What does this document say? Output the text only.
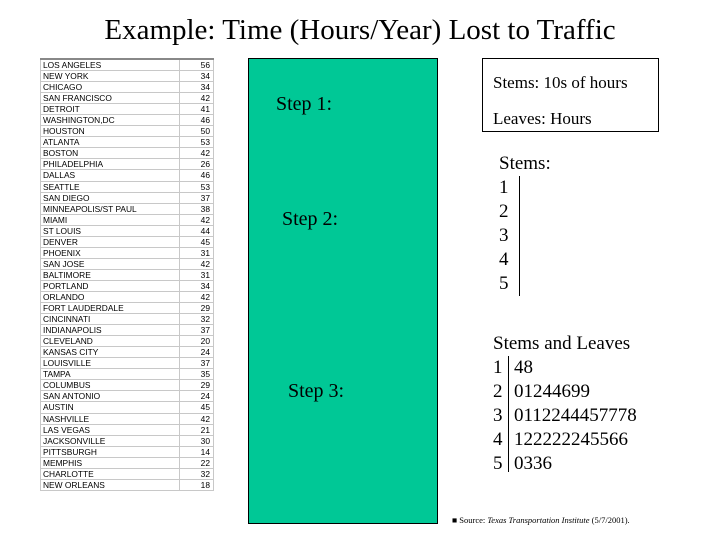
Example: Time (Hours/Year) Lost to Traffic
LOS ANGELES	56
NEW YORK	34
CHICAGO	34
SAN FRANCISCO	42
DETROIT	41
WASHINGTON,DC	46
HOUSTON	50
ATLANTA	53
BOSTON	42
PHILADELPHIA	26
DALLAS	46
SEATTLE	53
SAN DIEGO	37
MINNEAPOLIS/ST PAUL	38
MIAMI	42
ST LOUIS	44
DENVER	45
PHOENIX	31
SAN JOSE	42
BALTIMORE	31
PORTLAND	34
ORLANDO	42
FORT LAUDERDALE	29
CINCINNATI	32
INDIANAPOLIS	37
CLEVELAND	20
KANSAS CITY	24
LOUISVILLE	37
TAMPA	35
COLUMBUS	29
SAN ANTONIO	24
AUSTIN	45
NASHVILLE	42
LAS VEGAS	21
JACKSONVILLE	30
PITTSBURGH	14
MEMPHIS	22
CHARLOTTE	32
NEW ORLEANS	18
Step 1:
Step 2:
Step 3:
Stems: 10s of hours
Leaves: Hours
Stems:
1
2
3
4
5
Stems and Leaves
1 48
2 01244699
3 0112244457778
4 122222245566
5 0336
■ Source: Texas Transportation Institute (5/7/2001).
